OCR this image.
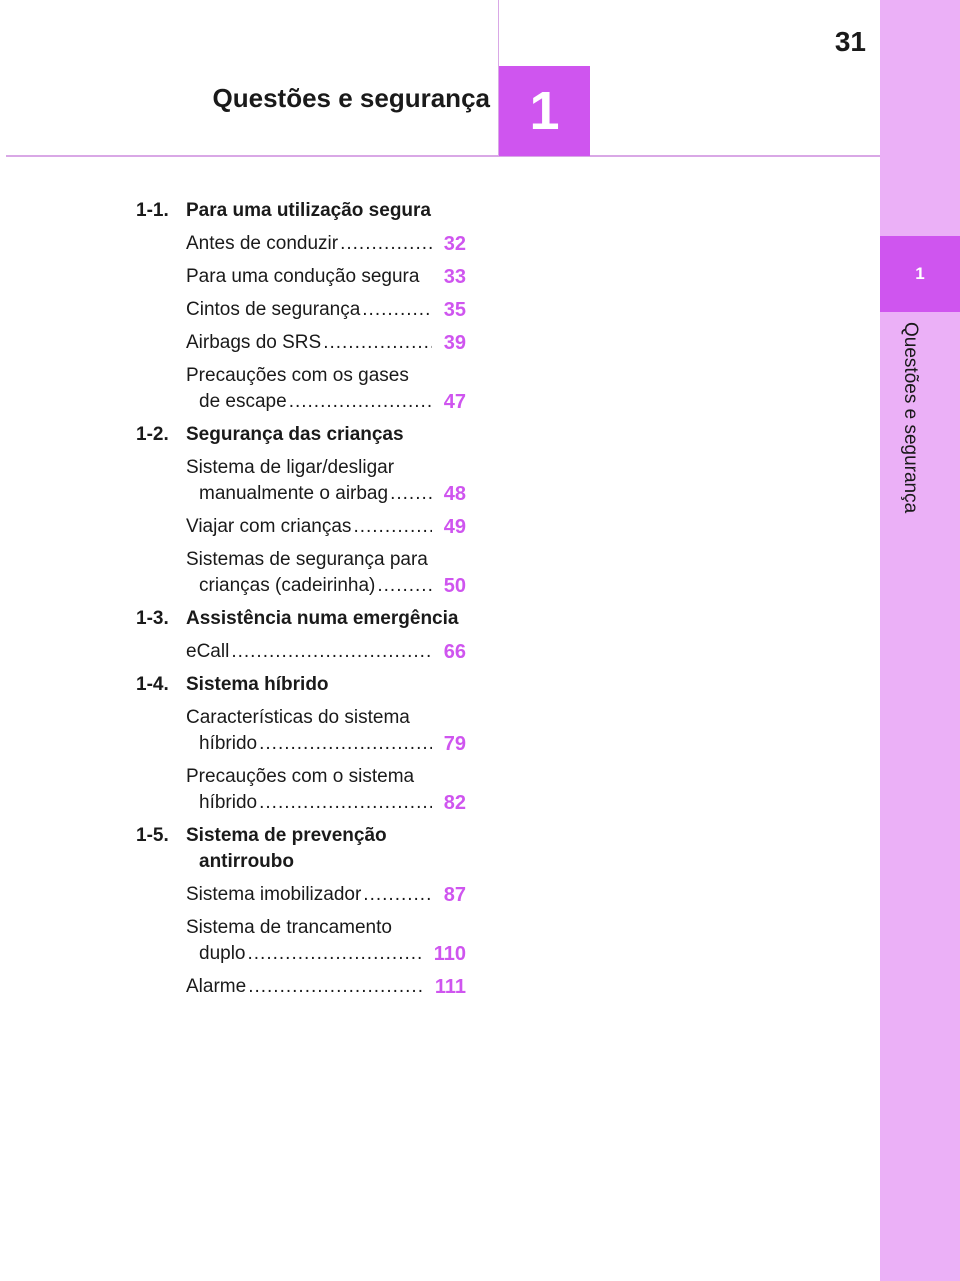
1
Questões e segurança
31
1
Questões e segurança
1-1. Para uma utilização segura
Antes de conduzir .....	32
Para uma condução segura 33
Cintos de segurança .....	35
Airbags do SRS .....	39
Precauções com os gases
de escape .....	47
1-2. Segurança das crianças
Sistema de ligar/desligar
manualmente o airbag .....	48
Viajar com crianças .....	49
Sistemas de segurança para
crianças (cadeirinha) .....	50
1-3. Assistência numa emergência
eCall .....	66
1-4. Sistema híbrido
Características do sistema
híbrido .....	79
Precauções com o sistema
híbrido .....	82
1-5. Sistema de prevenção
antirroubo
Sistema imobilizador .....	87
Sistema de trancamento
duplo .....	110
Alarme .....	111
